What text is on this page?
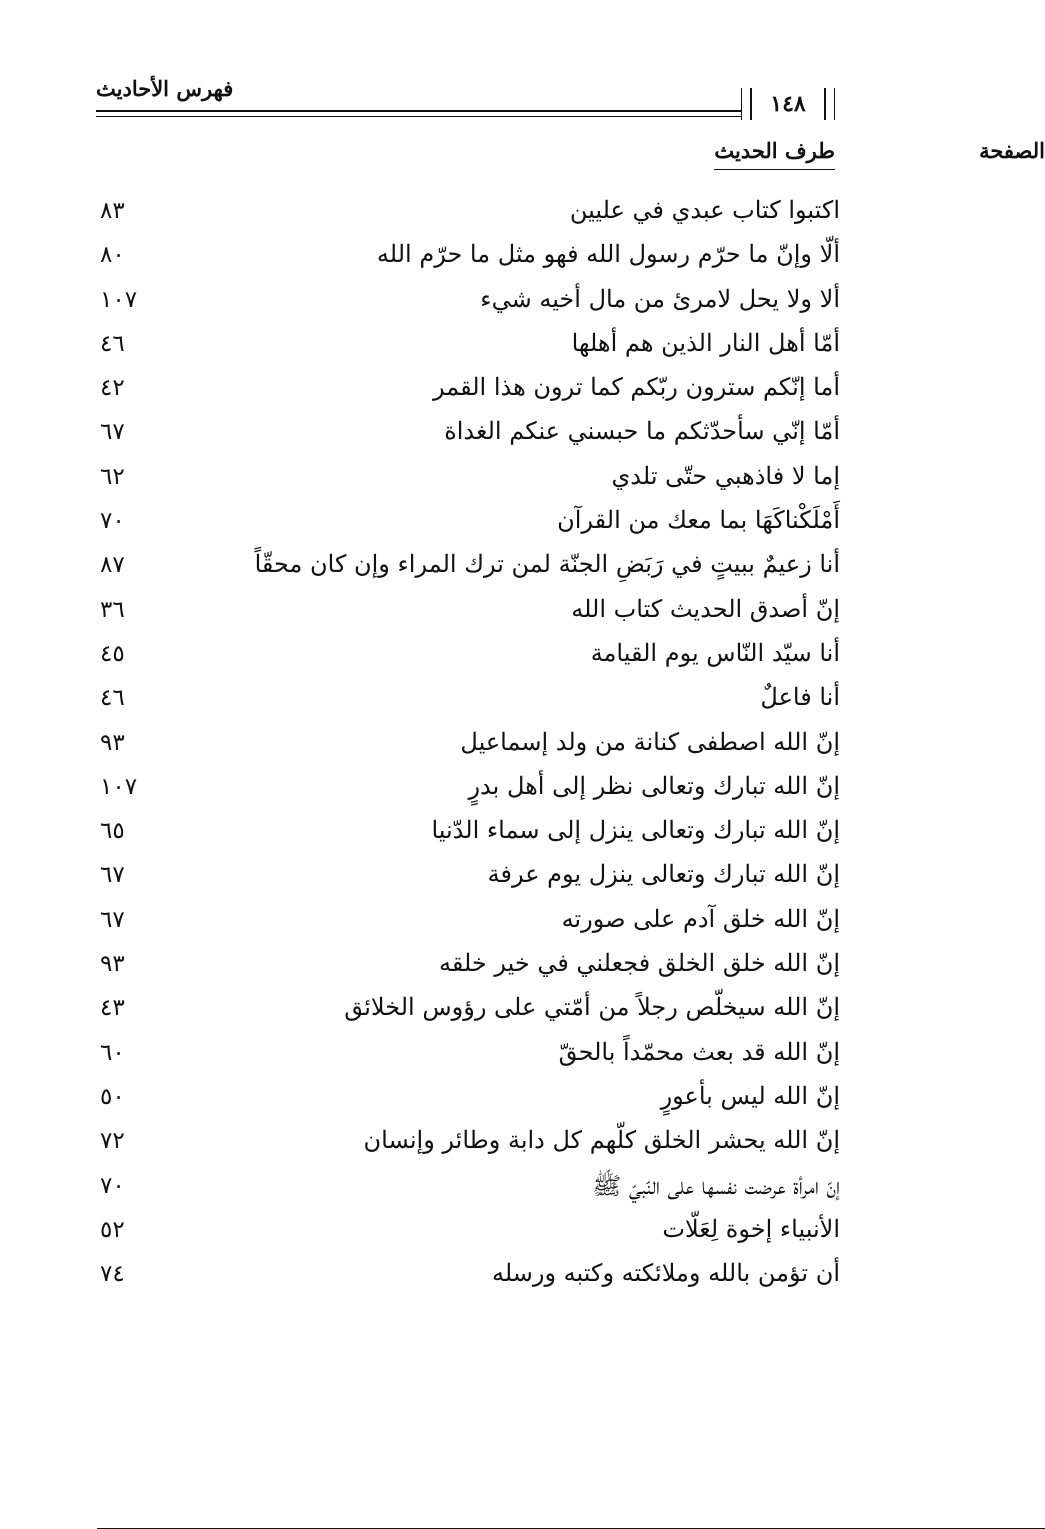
فهرس الأحاديث
١٤٨
طرف الحديث	الصفحة
اكتبوا كتاب عبدي في عليين
٨٣
ألّا وإنّ ما حرّم رسول الله فهو مثل ما حرّم الله
٨٠
ألا ولا يحل لامرئ من مال أخيه شيء
١٠٧
أمّا أهل النار الذين هم أهلها
٤٦
أما إنّكم سترون ربّكم كما ترون هذا القمر
٤٢
أمّا إنّي سأحدّثكم ما حبسني عنكم الغداة
٦٧
إما لا فاذهبي حتّى تلدي
٦٢
أَمْلَكْناكَهَا بما معك من القرآن
٧٠
أنا زعيمٌ ببيتٍ في رَبَضِ الجنّة لمن ترك المراء وإن كان محقّاً
٨٧
إنّ أصدق الحديث كتاب الله
٣٦
أنا سيّد النّاس يوم القيامة
٤٥
أنا فاعلٌ
٤٦
إنّ الله اصطفى كنانة من ولد إسماعيل
٩٣
إنّ الله تبارك وتعالى نظر إلى أهل بدرٍ
١٠٧
إنّ الله تبارك وتعالى ينزل إلى سماء الدّنيا
٦٥
إنّ الله تبارك وتعالى ينزل يوم عرفة
٦٧
إنّ الله خلق آدم على صورته
٦٧
إنّ الله خلق الخلق فجعلني في خير خلقه
٩٣
إنّ الله سيخلّص رجلاً من أمّتي على رؤوس الخلائق
٤٣
إنّ الله قد بعث محمّداً بالحقّ
٦٠
إنّ الله ليس بأعورٍ
٥٠
إنّ الله يحشر الخلق كلّهم كل دابة وطائر وإنسان
٧٢
إنّ امرأة عرضت نفسها على النّبيّ ﷺ
٧٠
الأنبياء إخوة لِعَلّات
٥٢
أن تؤمن بالله وملائكته وكتبه ورسله
٧٤
